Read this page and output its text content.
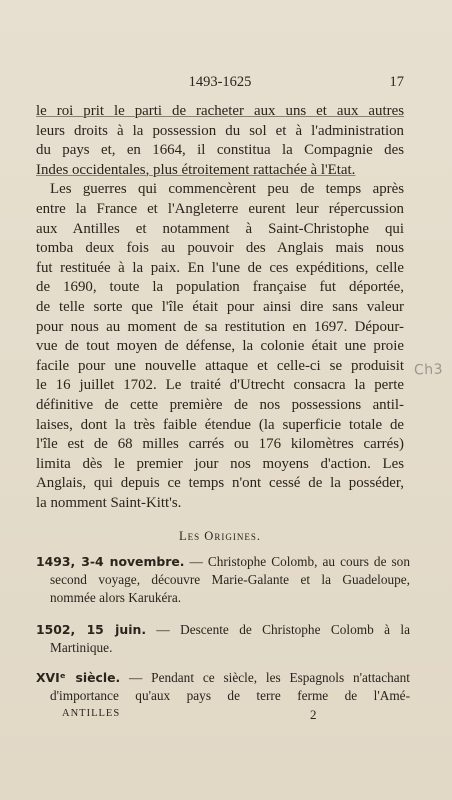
1493-1625	17
le roi prit le parti de racheter aux uns et aux autres
leurs droits à la possession du sol et à l'administration
du pays et, en 1664, il constitua la Compagnie des
Indes occidentales, plus étroitement rattachée à l'Etat.
Les guerres qui commencèrent peu de temps après
entre la France et l'Angleterre eurent leur répercussion
aux Antilles et notamment à Saint-Christophe qui
tomba deux fois au pouvoir des Anglais mais nous
fut restituée à la paix. En l'une de ces expéditions, celle
de 1690, toute la population française fut déportée,
de telle sorte que l'île était pour ainsi dire sans valeur
pour nous au moment de sa restitution en 1697. Dépour-
vue de tout moyen de défense, la colonie était une proie
facile pour une nouvelle attaque et celle-ci se produisit
le 16 juillet 1702. Le traité d'Utrecht consacra la perte
définitive de cette première de nos possessions antil-
laises, dont la très faible étendue (la superficie totale de
l'île est de 68 milles carrés ou 176 kilomètres carrés)
limita dès le premier jour nos moyens d'action. Les
Anglais, qui depuis ce temps n'ont cessé de la posséder,
la nomment Saint-Kitt's.
Ch3
Les Origines.
1493, 3-4 novembre. — Christophe Colomb, au cours de son
second voyage, découvre Marie-Galante et la Guadeloupe,
nommée alors Karukéra.
1502, 15 juin. — Descente de Christophe Colomb à la
Martinique.
XVIᵉ siècle. — Pendant ce siècle, les Espagnols n'attachant
d'importance qu'aux pays de terre ferme de l'Amé-
ANTILLES	2
